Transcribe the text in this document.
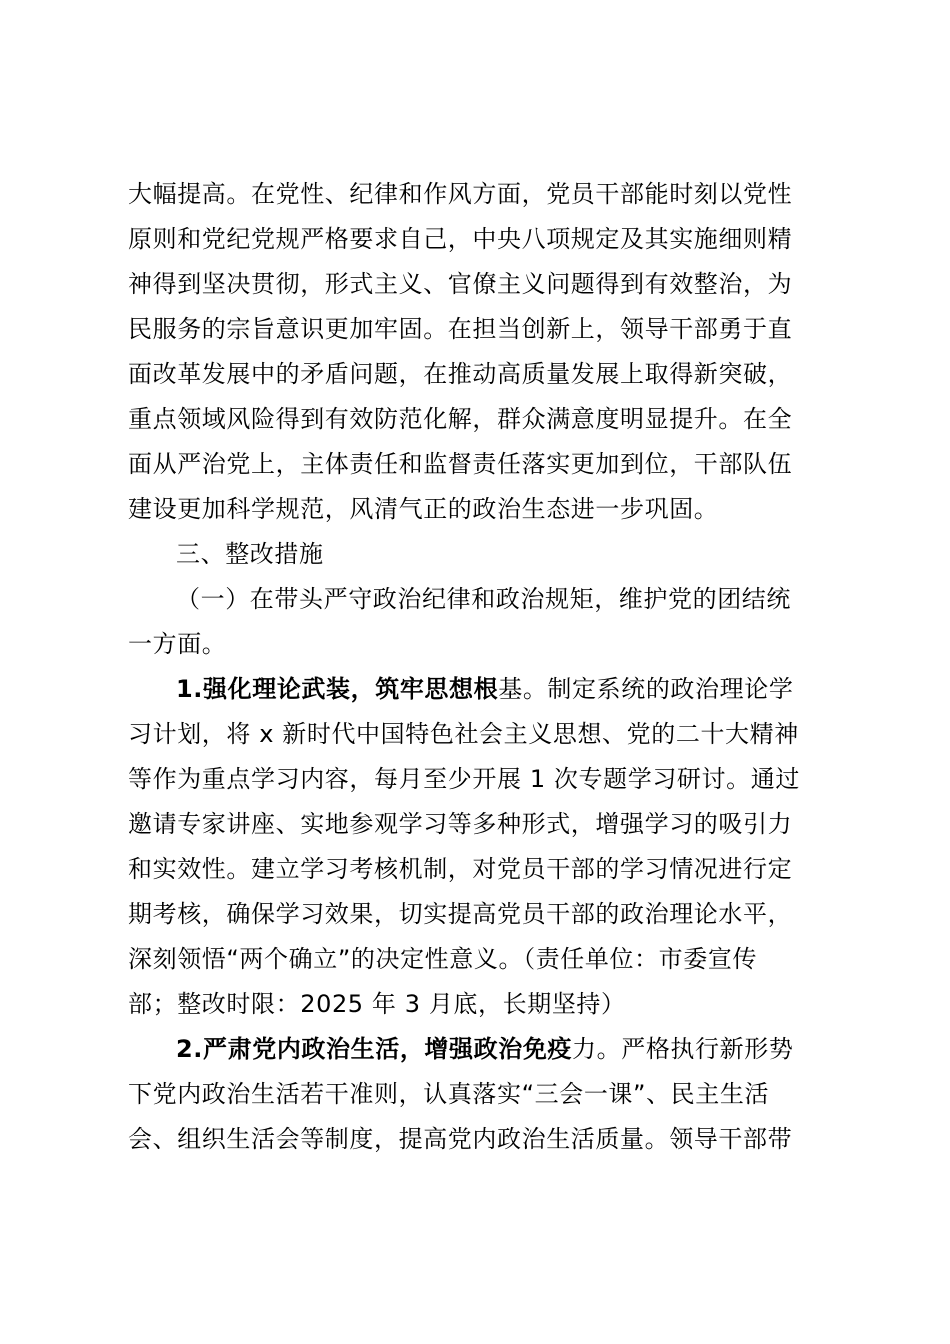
大幅提高。在党性、纪律和作风方面，党员干部能时刻以党性
原则和党纪党规严格要求自己，中央八项规定及其实施细则精
神得到坚决贯彻，形式主义、官僚主义问题得到有效整治，为
民服务的宗旨意识更加牢固。在担当创新上，领导干部勇于直
面改革发展中的矛盾问题，在推动高质量发展上取得新突破，
重点领域风险得到有效防范化解，群众满意度明显提升。在全
面从严治党上，主体责任和监督责任落实更加到位，干部队伍
建设更加科学规范，风清气正的政治生态进一步巩固。
三、整改措施
（一）在带头严守政治纪律和政治规矩，维护党的团结统
一方面。
1.强化理论武装，筑牢思想根基。制定系统的政治理论学
习计划，将 x 新时代中国特色社会主义思想、党的二十大精神
等作为重点学习内容，每月至少开展 1 次专题学习研讨。通过
邀请专家讲座、实地参观学习等多种形式，增强学习的吸引力
和实效性。建立学习考核机制，对党员干部的学习情况进行定
期考核，确保学习效果，切实提高党员干部的政治理论水平，
深刻领悟“两个确立”的决定性意义。（责任单位：市委宣传
部；整改时限：2025 年 3 月底，长期坚持）
2.严肃党内政治生活，增强政治免疫力。严格执行新形势
下党内政治生活若干准则，认真落实“三会一课”、民主生活
会、组织生活会等制度，提高党内政治生活质量。领导干部带
